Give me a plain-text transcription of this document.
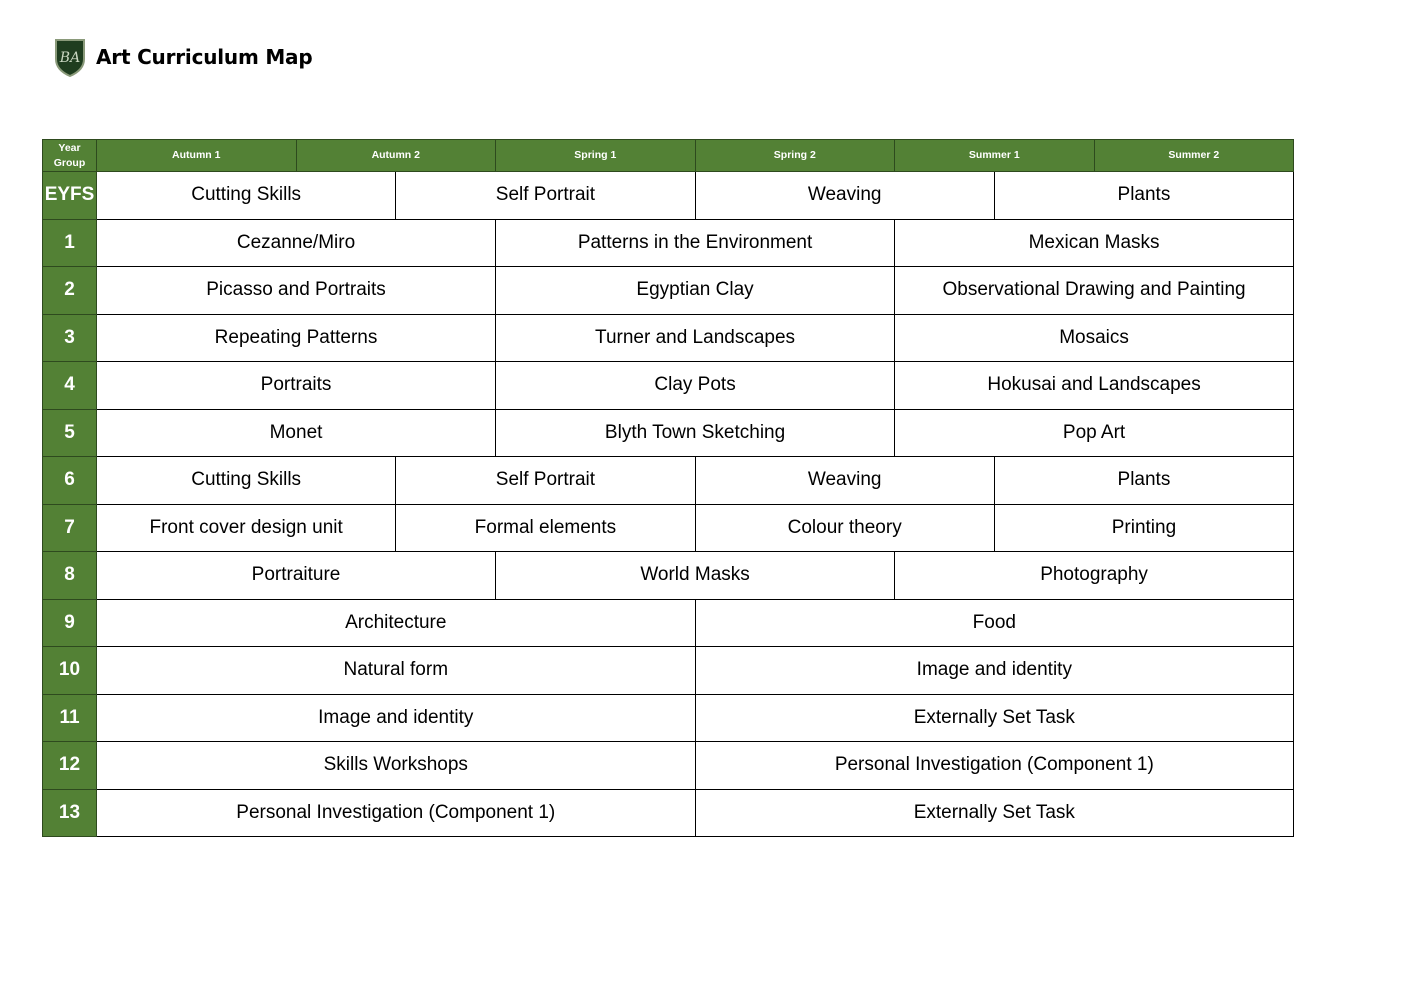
BA Art Curriculum Map
Year
Group	Autumn 1	Autumn 2		Spring 1	Spring 2	Summer 1		Summer 2
EYFS	Cutting Skills		Self Portrait		Weaving		Plants	
1	Cezanne/Miro			Patterns in the Environment		Mexican Masks		
2	Picasso and Portraits			Egyptian Clay		Observational Drawing and Painting		
3	Repeating Patterns			Turner and Landscapes		Mosaics		
4	Portraits			Clay Pots		Hokusai and Landscapes		
5	Monet			Blyth Town Sketching		Pop Art		
6	Cutting Skills		Self Portrait		Weaving		Plants	
7	Front cover design unit		Formal elements		Colour theory		Printing	
8	Portraiture			World Masks		Photography		
9	Architecture				Food			
10	Natural form				Image and identity			
11	Image and identity				Externally Set Task			
12	Skills Workshops				Personal Investigation (Component 1)			
13	Personal Investigation (Component 1)				Externally Set Task			
